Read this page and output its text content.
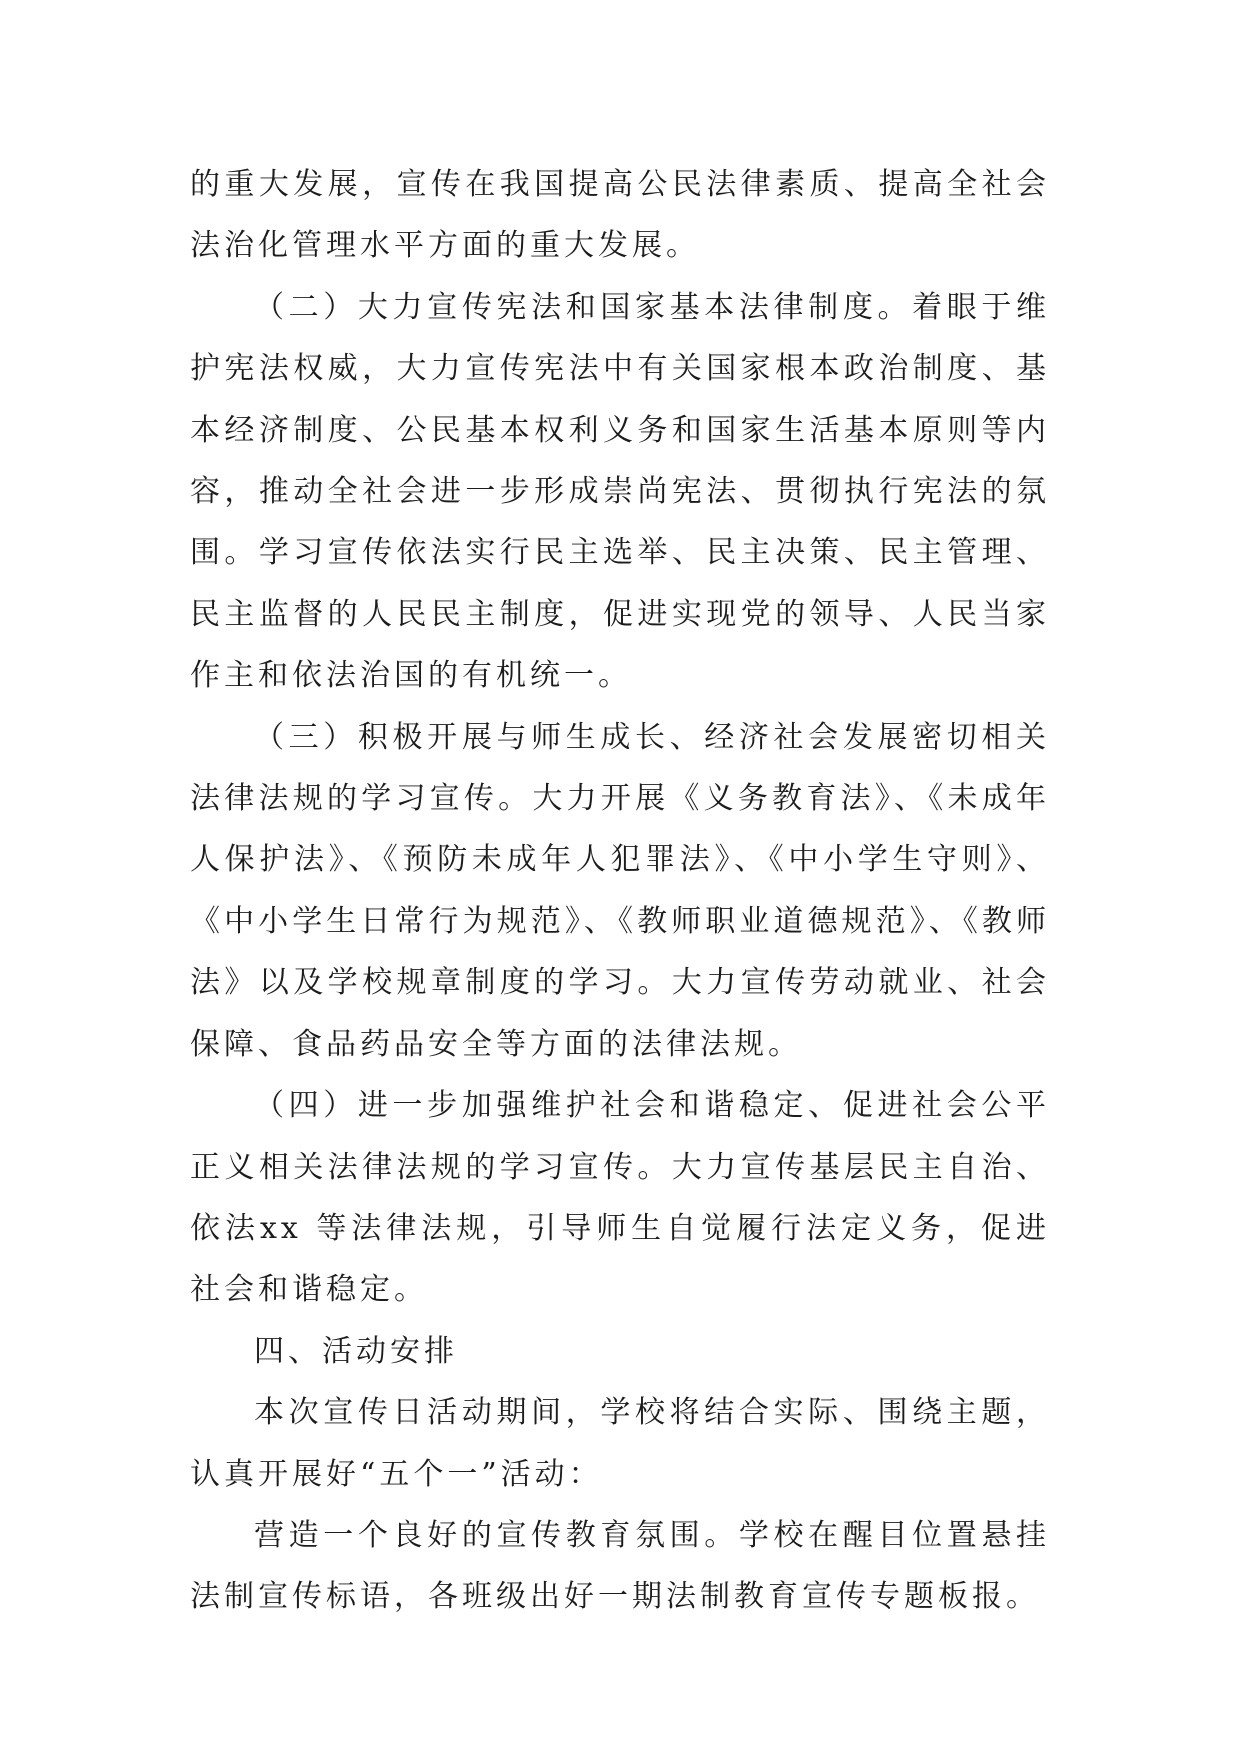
的重大发展，宣传在我国提高公民法律素质、提高全社会法治化管理水平方面的重大发展。

（二）大力宣传宪法和国家基本法律制度。着眼于维护宪法权威，大力宣传宪法中有关国家根本政治制度、基本经济制度、公民基本权利义务和国家生活基本原则等内容，推动全社会进一步形成崇尚宪法、贯彻执行宪法的氛围。学习宣传依法实行民主选举、民主决策、民主管理、民主监督的人民民主制度，促进实现党的领导、人民当家作主和依法治国的有机统一。

（三）积极开展与师生成长、经济社会发展密切相关法律法规的学习宣传。大力开展《义务教育法》、《未成年人保护法》、《预防未成年人犯罪法》、《中小学生守则》、《中小学生日常行为规范》、《教师职业道德规范》、《教师法》以及学校规章制度的学习。大力宣传劳动就业、社会保障、食品药品安全等方面的法律法规。

（四）进一步加强维护社会和谐稳定、促进社会公平正义相关法律法规的学习宣传。大力宣传基层民主自治、依法xx 等法律法规，引导师生自觉履行法定义务，促进社会和谐稳定。

四、活动安排

本次宣传日活动期间，学校将结合实际、围绕主题，认真开展好“五个一”活动：

营造一个良好的宣传教育氛围。学校在醒目位置悬挂法制宣传标语，各班级出好一期法制教育宣传专题板报。
